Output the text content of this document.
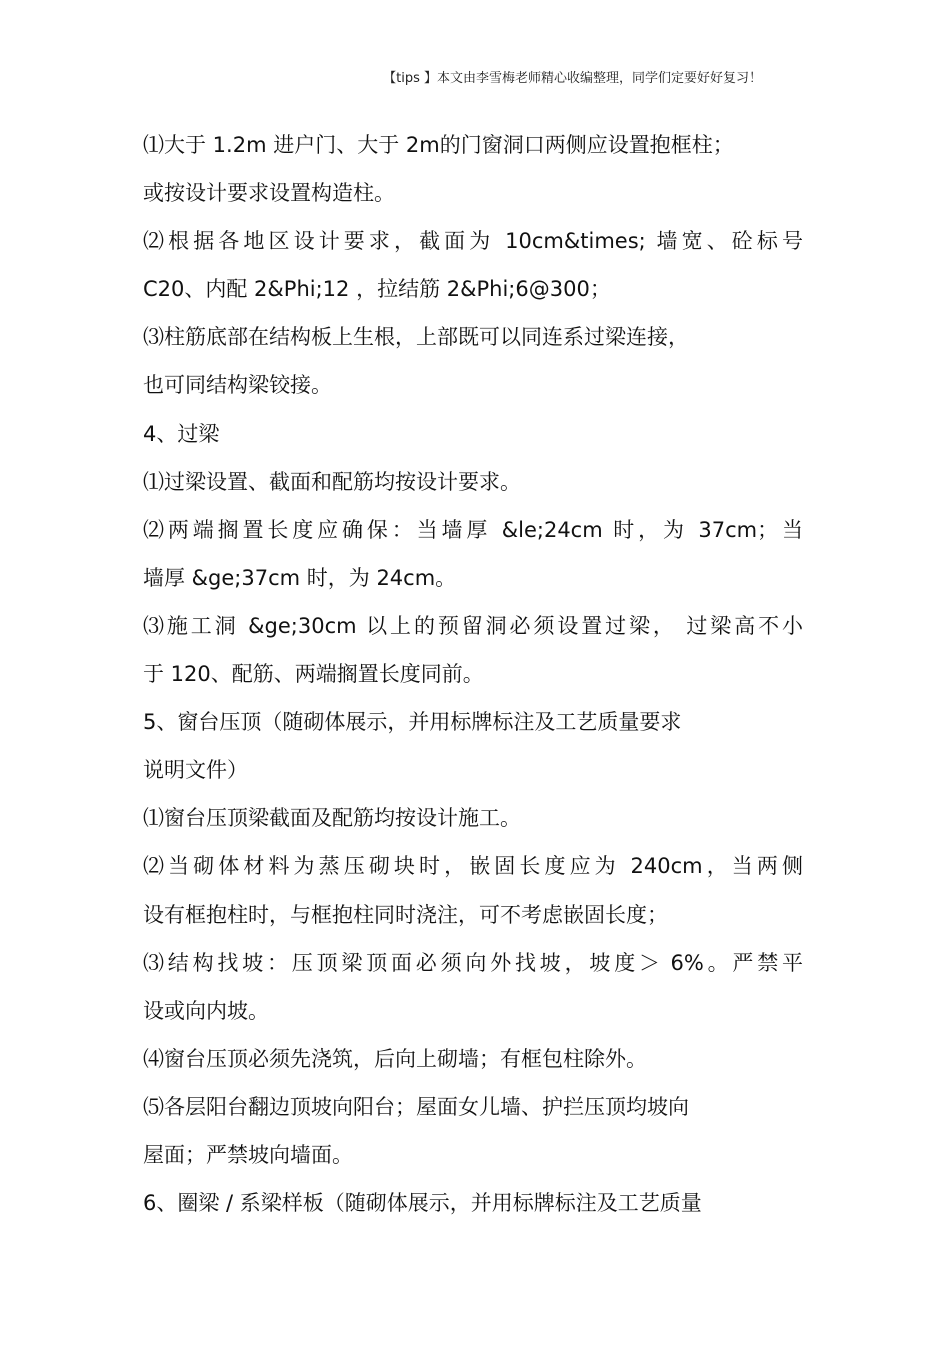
【tips 】本文由李雪梅老师精心收编整理，同学们定要好好复习！
⑴大于 1.2m 进户门、大于 2m的门窗洞口两侧应设置抱框柱；
或按设计要求设置构造柱。
⑵根据各地区设计要求，截面为 10cm&times; 墙宽、砼标号
C20、内配 2&Phi;12 ，拉结筋 2&Phi;6@300；
⑶柱筋底部在结构板上生根，上部既可以同连系过梁连接，
也可同结构梁铰接。
4、过梁
⑴过梁设置、截面和配筋均按设计要求。
⑵两端搁置长度应确保：当墙厚 &le;24cm 时，为 37cm；当
墙厚 &ge;37cm 时，为 24cm。
⑶施工洞 &ge;30cm 以上的预留洞必须设置过梁， 过梁高不小
于 120、配筋、两端搁置长度同前。
5、窗台压顶（随砌体展示，并用标牌标注及工艺质量要求
说明文件）
⑴窗台压顶梁截面及配筋均按设计施工。
⑵当砌体材料为蒸压砌块时，嵌固长度应为 240cm，当两侧
设有框抱柱时，与框抱柱同时浇注，可不考虑嵌固长度；
⑶结构找坡：压顶梁顶面必须向外找坡，坡度＞ 6%。严禁平
设或向内坡。
⑷窗台压顶必须先浇筑，后向上砌墙；有框包柱除外。
⑸各层阳台翻边顶坡向阳台；屋面女儿墙、护拦压顶均坡向
屋面；严禁坡向墙面。
6、圈梁 / 系梁样板（随砌体展示，并用标牌标注及工艺质量
